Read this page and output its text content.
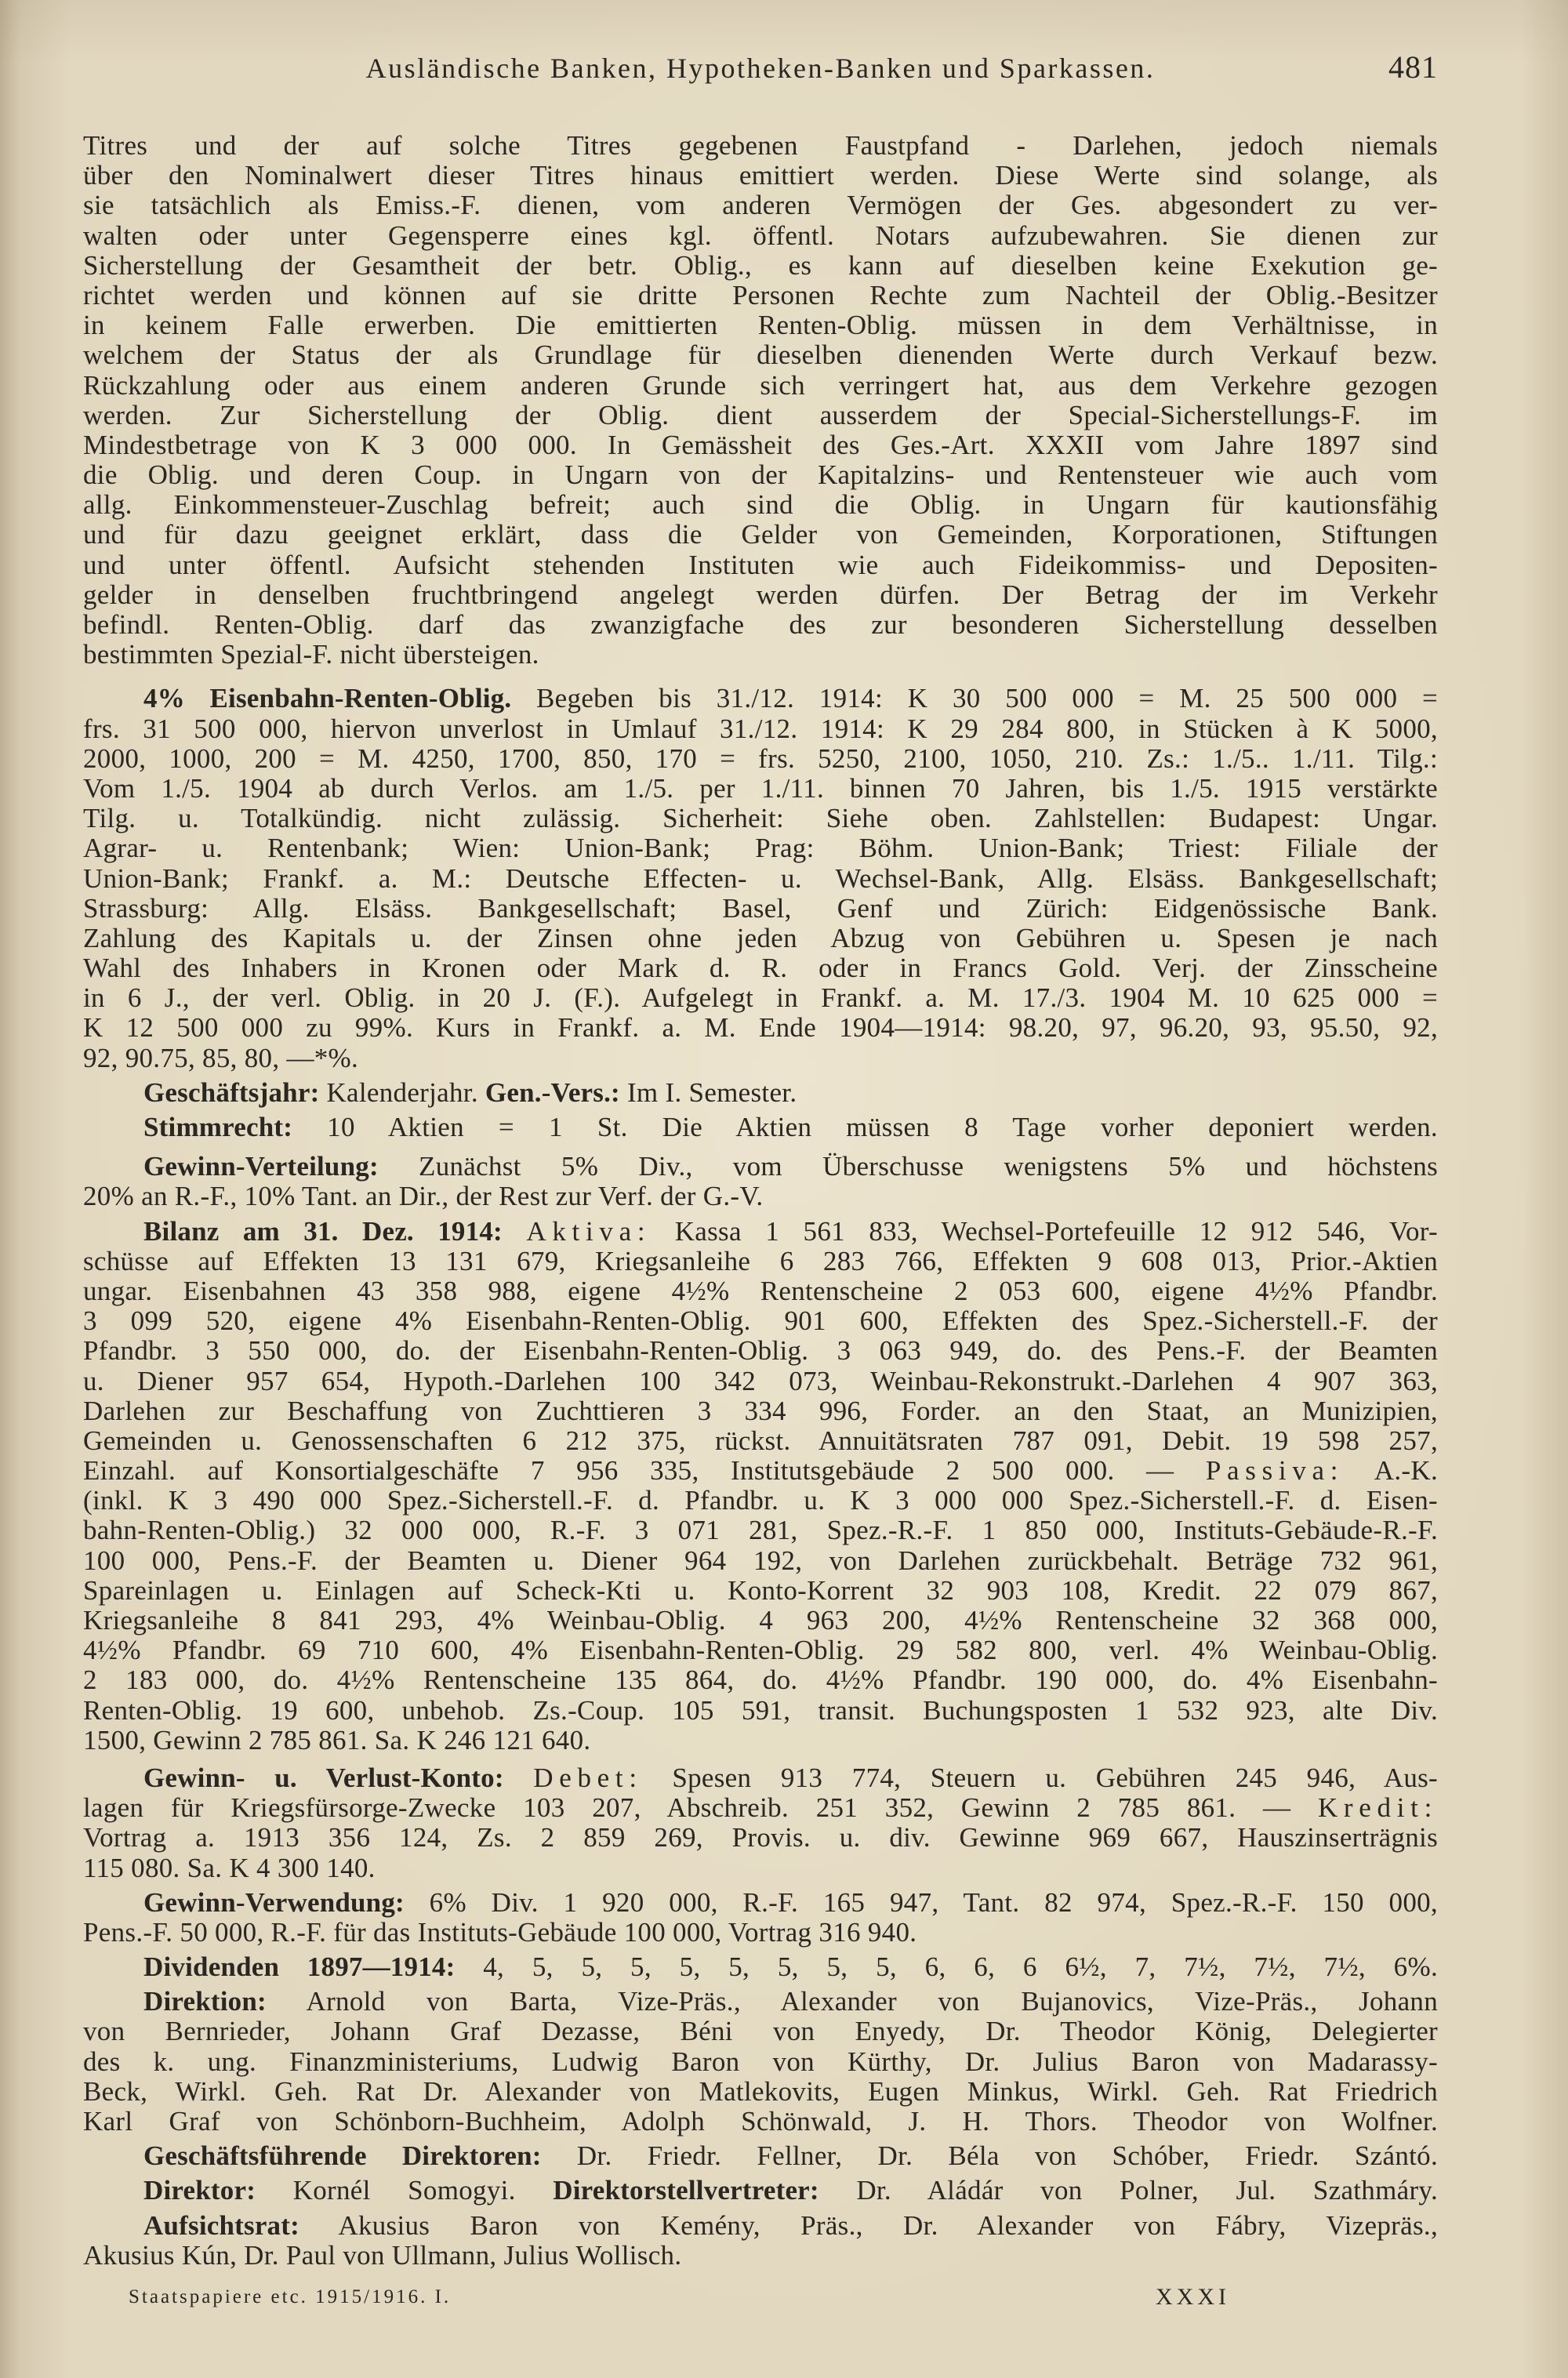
Ausländische Banken, Hypotheken-Banken und Sparkassen.	481
Titres und der auf solche Titres gegebenen Faustpfand - Darlehen, jedoch niemals
über den Nominalwert dieser Titres hinaus emittiert werden. Diese Werte sind solange, als
sie tatsächlich als Emiss.-F. dienen, vom anderen Vermögen der Ges. abgesondert zu ver-
walten oder unter Gegensperre eines kgl. öffentl. Notars aufzubewahren. Sie dienen zur
Sicherstellung der Gesamtheit der betr. Oblig., es kann auf dieselben keine Exekution ge-
richtet werden und können auf sie dritte Personen Rechte zum Nachteil der Oblig.-Besitzer
in keinem Falle erwerben. Die emittierten Renten-Oblig. müssen in dem Verhältnisse, in
welchem der Status der als Grundlage für dieselben dienenden Werte durch Verkauf bezw.
Rückzahlung oder aus einem anderen Grunde sich verringert hat, aus dem Verkehre gezogen
werden. Zur Sicherstellung der Oblig. dient ausserdem der Special-Sicherstellungs-F. im
Mindestbetrage von K 3 000 000. In Gemässheit des Ges.-Art. XXXII vom Jahre 1897 sind
die Oblig. und deren Coup. in Ungarn von der Kapitalzins- und Rentensteuer wie auch vom
allg. Einkommensteuer-Zuschlag befreit; auch sind die Oblig. in Ungarn für kautionsfähig
und für dazu geeignet erklärt, dass die Gelder von Gemeinden, Korporationen, Stiftungen
und unter öffentl. Aufsicht stehenden Instituten wie auch Fideikommiss- und Depositen-
gelder in denselben fruchtbringend angelegt werden dürfen. Der Betrag der im Verkehr
befindl. Renten-Oblig. darf das zwanzigfache des zur besonderen Sicherstellung desselben
bestimmten Spezial-F. nicht übersteigen.
4% Eisenbahn-Renten-Oblig. Begeben bis 31./12. 1914: K 30 500 000 = M. 25 500 000 =
frs. 31 500 000, hiervon unverlost in Umlauf 31./12. 1914: K 29 284 800, in Stücken à K 5000,
2000, 1000, 200 = M. 4250, 1700, 850, 170 = frs. 5250, 2100, 1050, 210. Zs.: 1./5.. 1./11. Tilg.:
Vom 1./5. 1904 ab durch Verlos. am 1./5. per 1./11. binnen 70 Jahren, bis 1./5. 1915 verstärkte
Tilg. u. Totalkündig. nicht zulässig. Sicherheit: Siehe oben. Zahlstellen: Budapest: Ungar.
Agrar- u. Rentenbank; Wien: Union-Bank; Prag: Böhm. Union-Bank; Triest: Filiale der
Union-Bank; Frankf. a. M.: Deutsche Effecten- u. Wechsel-Bank, Allg. Elsäss. Bankgesellschaft;
Strassburg: Allg. Elsäss. Bankgesellschaft; Basel, Genf und Zürich: Eidgenössische Bank.
Zahlung des Kapitals u. der Zinsen ohne jeden Abzug von Gebühren u. Spesen je nach
Wahl des Inhabers in Kronen oder Mark d. R. oder in Francs Gold. Verj. der Zinsscheine
in 6 J., der verl. Oblig. in 20 J. (F.). Aufgelegt in Frankf. a. M. 17./3. 1904 M. 10 625 000 =
K 12 500 000 zu 99%. Kurs in Frankf. a. M. Ende 1904—1914: 98.20, 97, 96.20, 93, 95.50, 92,
92, 90.75, 85, 80, —*%.
Geschäftsjahr: Kalenderjahr. Gen.-Vers.: Im I. Semester.
Stimmrecht: 10 Aktien = 1 St. Die Aktien müssen 8 Tage vorher deponiert werden.
Gewinn-Verteilung: Zunächst 5% Div., vom Überschusse wenigstens 5% und höchstens
20% an R.-F., 10% Tant. an Dir., der Rest zur Verf. der G.-V.
Bilanz am 31. Dez. 1914: Aktiva: Kassa 1 561 833, Wechsel-Portefeuille 12 912 546, Vor-
schüsse auf Effekten 13 131 679, Kriegsanleihe 6 283 766, Effekten 9 608 013, Prior.-Aktien
ungar. Eisenbahnen 43 358 988, eigene 4½% Rentenscheine 2 053 600, eigene 4½% Pfandbr.
3 099 520, eigene 4% Eisenbahn-Renten-Oblig. 901 600, Effekten des Spez.-Sicherstell.-F. der
Pfandbr. 3 550 000, do. der Eisenbahn-Renten-Oblig. 3 063 949, do. des Pens.-F. der Beamten
u. Diener 957 654, Hypoth.-Darlehen 100 342 073, Weinbau-Rekonstrukt.-Darlehen 4 907 363,
Darlehen zur Beschaffung von Zuchttieren 3 334 996, Forder. an den Staat, an Munizipien,
Gemeinden u. Genossenschaften 6 212 375, rückst. Annuitätsraten 787 091, Debit. 19 598 257,
Einzahl. auf Konsortialgeschäfte 7 956 335, Institutsgebäude 2 500 000. — Passiva: A.-K.
(inkl. K 3 490 000 Spez.-Sicherstell.-F. d. Pfandbr. u. K 3 000 000 Spez.-Sicherstell.-F. d. Eisen-
bahn-Renten-Oblig.) 32 000 000, R.-F. 3 071 281, Spez.-R.-F. 1 850 000, Instituts-Gebäude-R.-F.
100 000, Pens.-F. der Beamten u. Diener 964 192, von Darlehen zurückbehalt. Beträge 732 961,
Spareinlagen u. Einlagen auf Scheck-Kti u. Konto-Korrent 32 903 108, Kredit. 22 079 867,
Kriegsanleihe 8 841 293, 4% Weinbau-Oblig. 4 963 200, 4½% Rentenscheine 32 368 000,
4½% Pfandbr. 69 710 600, 4% Eisenbahn-Renten-Oblig. 29 582 800, verl. 4% Weinbau-Oblig.
2 183 000, do. 4½% Rentenscheine 135 864, do. 4½% Pfandbr. 190 000, do. 4% Eisenbahn-
Renten-Oblig. 19 600, unbehob. Zs.-Coup. 105 591, transit. Buchungsposten 1 532 923, alte Div.
1500, Gewinn 2 785 861. Sa. K 246 121 640.
Gewinn- u. Verlust-Konto: Debet: Spesen 913 774, Steuern u. Gebühren 245 946, Aus-
lagen für Kriegsfürsorge-Zwecke 103 207, Abschreib. 251 352, Gewinn 2 785 861. — Kredit:
Vortrag a. 1913 356 124, Zs. 2 859 269, Provis. u. div. Gewinne 969 667, Hauszinserträgnis
115 080. Sa. K 4 300 140.
Gewinn-Verwendung: 6% Div. 1 920 000, R.-F. 165 947, Tant. 82 974, Spez.-R.-F. 150 000,
Pens.-F. 50 000, R.-F. für das Instituts-Gebäude 100 000, Vortrag 316 940.
Dividenden 1897—1914: 4, 5, 5, 5, 5, 5, 5, 5, 5, 6, 6, 6 6½, 7, 7½, 7½, 7½, 6%.
Direktion: Arnold von Barta, Vize-Präs., Alexander von Bujanovics, Vize-Präs., Johann
von Bernrieder, Johann Graf Dezasse, Béni von Enyedy, Dr. Theodor König, Delegierter
des k. ung. Finanzministeriums, Ludwig Baron von Kürthy, Dr. Julius Baron von Madarassy-
Beck, Wirkl. Geh. Rat Dr. Alexander von Matlekovits, Eugen Minkus, Wirkl. Geh. Rat Friedrich
Karl Graf von Schönborn-Buchheim, Adolph Schönwald, J. H. Thors. Theodor von Wolfner.
Geschäftsführende Direktoren: Dr. Friedr. Fellner, Dr. Béla von Schóber, Friedr. Szántó.
Direktor: Kornél Somogyi. Direktorstellvertreter: Dr. Aládár von Polner, Jul. Szathmáry.
Aufsichtsrat: Akusius Baron von Kemény, Präs., Dr. Alexander von Fábry, Vizepräs.,
Akusius Kún, Dr. Paul von Ullmann, Julius Wollisch.
Staatspapiere etc. 1915/1916. I.	XXXI
